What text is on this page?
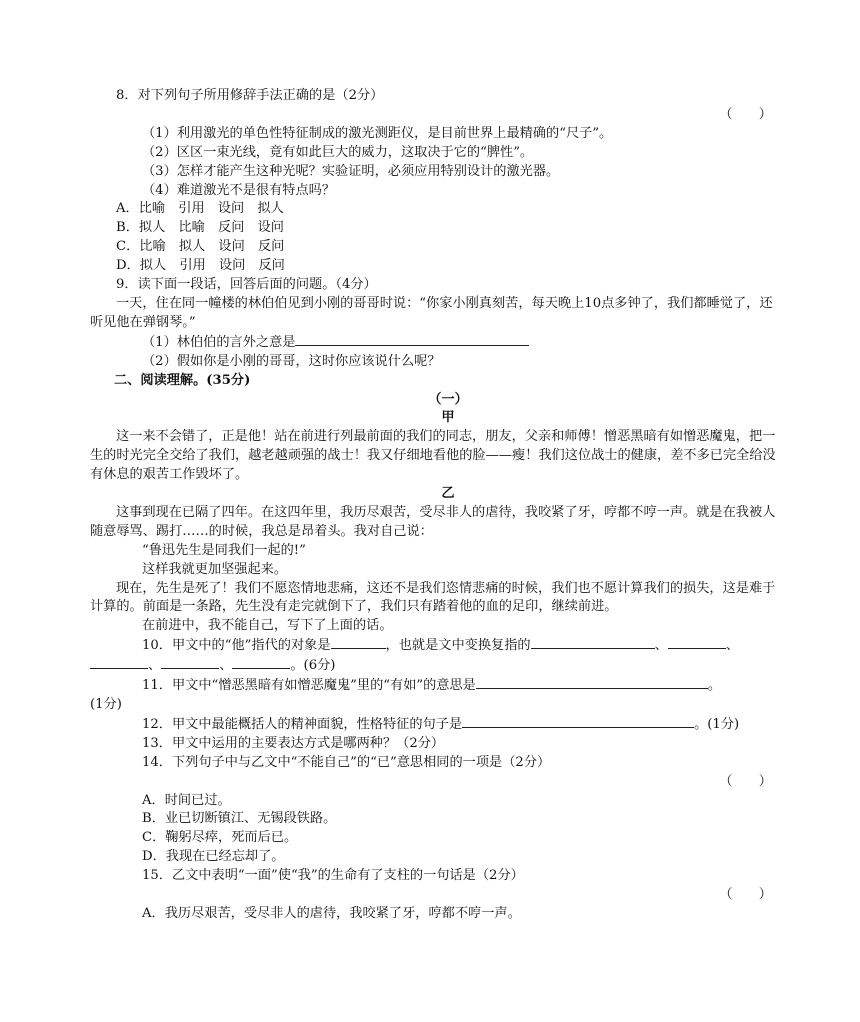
8．对下列句子所用修辞手法正确的是（2分）
（　　）
（1）利用激光的单色性特征制成的激光测距仪，是目前世界上最精确的“尺子”。
（2）区区一束光线，竟有如此巨大的威力，这取决于它的“脾性”。
（3）怎样才能产生这种光呢？实验证明，必须应用特别设计的激光器。
（4）难道激光不是很有特点吗？
A．比喻　引用　设问　拟人
B．拟人　比喻　反问　设问
C．比喻　拟人　设问　反问
D．拟人　引用　设问　反问
9．读下面一段话，回答后面的问题。（4分）
一天，住在同一幢楼的林伯伯见到小刚的哥哥时说：“你家小刚真刻苦，每天晚上10点多钟了，我们都睡觉了，还听见他在弹钢琴。”
（1）林伯伯的言外之意是
（2）假如你是小刚的哥哥，这时你应该说什么呢？
二、阅读理解。(35分)
（一）
甲
这一来不会错了，正是他！站在前进行列最前面的我们的同志，朋友，父亲和师傅！憎恶黑暗有如憎恶魔鬼，把一生的时光完全交给了我们，越老越顽强的战士！我又仔细地看他的脸——瘦！我们这位战士的健康，差不多已完全给没有休息的艰苦工作毁坏了。
乙
这事到现在已隔了四年。在这四年里，我历尽艰苦，受尽非人的虐待，我咬紧了牙，哼都不哼一声。就是在我被人随意辱骂、踢打……的时候，我总是昂着头。我对自己说：
“鲁迅先生是同我们一起的!”
这样我就更加坚强起来。
现在，先生是死了！我们不愿恣情地悲痛，这还不是我们恣情悲痛的时候，我们也不愿计算我们的损失，这是难于计算的。前面是一条路，先生没有走完就倒下了，我们只有踏着他的血的足印，继续前进。
在前进中，我不能自己，写下了上面的话。
10．甲文中的“他”指代的对象是	，也就是文中变换复指的	、	、
、	、	。(6分)
11．甲文中“憎恶黑暗有如憎恶魔鬼”里的“有如”的意思是	。
(1分)
12．甲文中最能概括人的精神面貌，性格特征的句子是	。(1分)
13．甲文中运用的主要表达方式是哪两种？（2分）
14．下列句子中与乙文中“不能自己”的“已”意思相同的一项是（2分）
（　　）
A．时间已过。
B．业已切断镇江、无锡段铁路。
C．鞠躬尽瘁，死而后已。
D．我现在已经忘却了。
15．乙文中表明“一面”使“我”的生命有了支柱的一句话是（2分）
（　　）
A．我历尽艰苦，受尽非人的虐待，我咬紧了牙，哼都不哼一声。
